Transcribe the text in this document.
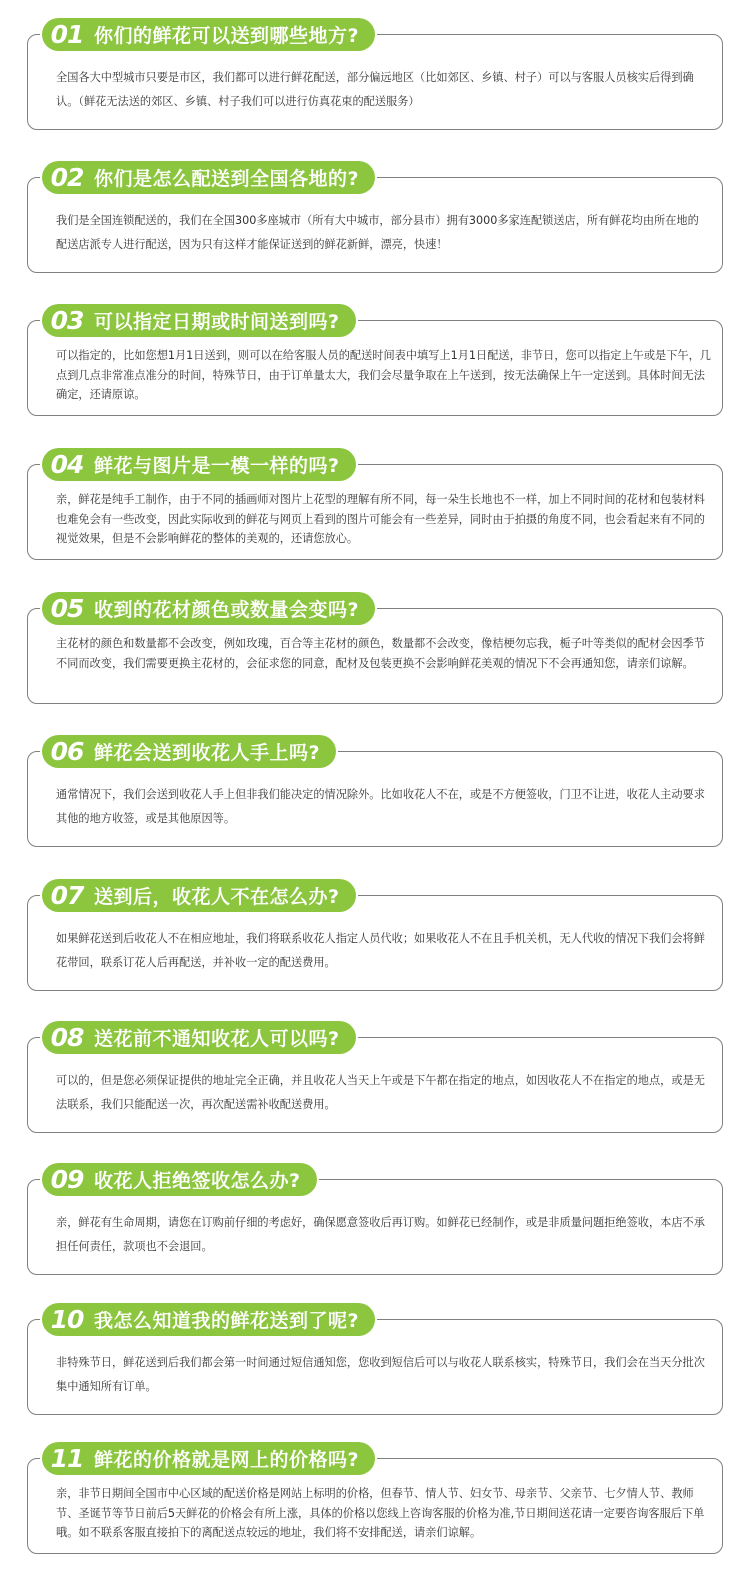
01 你们的鲜花可以送到哪些地方?

全国各大中型城市只要是市区，我们都可以进行鲜花配送，部分偏远地区（比如郊区、乡镇、村子）可以与客服人员核实后得到确认。（鲜花无法送的郊区、乡镇、村子我们可以进行仿真花束的配送服务）

02 你们是怎么配送到全国各地的?

我们是全国连锁配送的，我们在全国300多座城市（所有大中城市，部分县市）拥有3000多家连配锁送店，所有鲜花均由所在地的配送店派专人进行配送，因为只有这样才能保证送到的鲜花新鲜，漂亮，快速！

03 可以指定日期或时间送到吗?

可以指定的，比如您想1月1日送到，则可以在给客服人员的配送时间表中填写上1月1日配送，非节日，您可以指定上午或是下午，几点到几点非常准点准分的时间，特殊节日，由于订单量太大，我们会尽量争取在上午送到，按无法确保上午一定送到。具体时间无法确定，还请原谅。

04 鲜花与图片是一模一样的吗?

亲，鲜花是纯手工制作，由于不同的插画师对图片上花型的理解有所不同，每一朵生长地也不一样，加上不同时间的花材和包装材料也难免会有一些改变，因此实际收到的鲜花与网页上看到的图片可能会有一些差异，同时由于拍摄的角度不同，也会看起来有不同的视觉效果，但是不会影响鲜花的整体的美观的，还请您放心。

05 收到的花材颜色或数量会变吗?

主花材的颜色和数量都不会改变，例如玫瑰，百合等主花材的颜色，数量都不会改变，像桔梗勿忘我，栀子叶等类似的配材会因季节不同而改变，我们需要更换主花材的，会征求您的同意，配材及包装更换不会影响鲜花美观的情况下不会再通知您，请亲们谅解。

06 鲜花会送到收花人手上吗?

通常情况下，我们会送到收花人手上但非我们能决定的情况除外。比如收花人不在，或是不方便签收，门卫不让进，收花人主动要求其他的地方收签，或是其他原因等。

07 送到后，收花人不在怎么办?

如果鲜花送到后收花人不在相应地址，我们将联系收花人指定人员代收；如果收花人不在且手机关机，无人代收的情况下我们会将鲜花带回，联系订花人后再配送，并补收一定的配送费用。

08 送花前不通知收花人可以吗?

可以的，但是您必须保证提供的地址完全正确，并且收花人当天上午或是下午都在指定的地点，如因收花人不在指定的地点，或是无法联系，我们只能配送一次，再次配送需补收配送费用。

09 收花人拒绝签收怎么办?

亲，鲜花有生命周期，请您在订购前仔细的考虑好，确保愿意签收后再订购。如鲜花已经制作，或是非质量问题拒绝签收，本店不承担任何责任，款项也不会退回。

10 我怎么知道我的鲜花送到了呢?

非特殊节日，鲜花送到后我们都会第一时间通过短信通知您，您收到短信后可以与收花人联系核实，特殊节日，我们会在当天分批次集中通知所有订单。

11 鲜花的价格就是网上的价格吗?

亲，非节日期间全国市中心区域的配送价格是网站上标明的价格，但春节、情人节、妇女节、母亲节、父亲节、七夕情人节、教师节、圣诞节等节日前后5天鲜花的价格会有所上涨，具体的价格以您线上咨询客服的价格为准,节日期间送花请一定要咨询客服后下单哦。如不联系客服直接拍下的离配送点较远的地址，我们将不安排配送，请亲们谅解。
